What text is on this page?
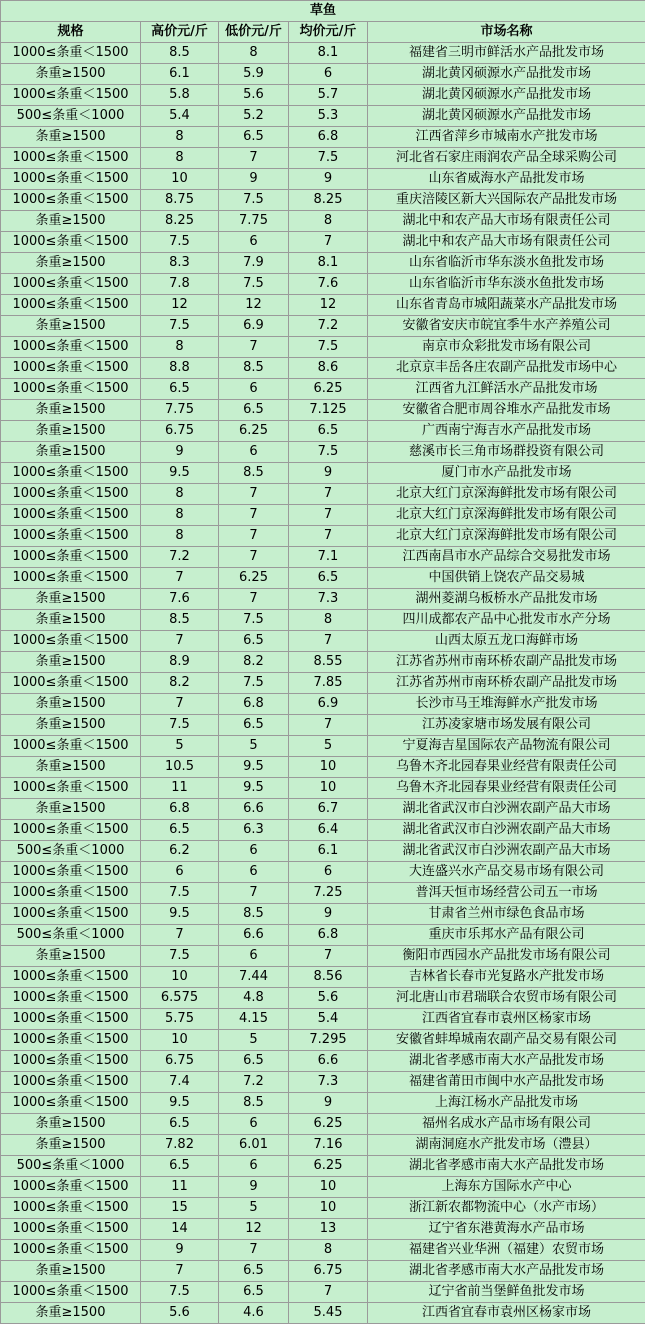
草鱼				
规格	高价元/斤	低价元/斤	均价元/斤	市场名称
1000≤条重＜1500	8.5	8	8.1	福建省三明市鲜活水产品批发市场
条重≥1500	6.1	5.9	6	湖北黄冈硕源水产品批发市场
1000≤条重＜1500	5.8	5.6	5.7	湖北黄冈硕源水产品批发市场
500≤条重＜1000	5.4	5.2	5.3	湖北黄冈硕源水产品批发市场
条重≥1500	8	6.5	6.8	江西省萍乡市城南水产批发市场
1000≤条重＜1500	8	7	7.5	河北省石家庄雨润农产品全球采购公司
1000≤条重＜1500	10	9	9	山东省威海水产品批发市场
1000≤条重＜1500	8.75	7.5	8.25	重庆涪陵区新大兴国际农产品批发市场
条重≥1500	8.25	7.75	8	湖北中和农产品大市场有限责任公司
1000≤条重＜1500	7.5	6	7	湖北中和农产品大市场有限责任公司
条重≥1500	8.3	7.9	8.1	山东省临沂市华东淡水鱼批发市场
1000≤条重＜1500	7.8	7.5	7.6	山东省临沂市华东淡水鱼批发市场
1000≤条重＜1500	12	12	12	山东省青岛市城阳蔬菜水产品批发市场
条重≥1500	7.5	6.9	7.2	安徽省安庆市皖宜季牛水产养殖公司
1000≤条重＜1500	8	7	7.5	南京市众彩批发市场有限公司
1000≤条重＜1500	8.8	8.5	8.6	北京京丰岳各庄农副产品批发市场中心
1000≤条重＜1500	6.5	6	6.25	江西省九江鲜活水产品批发市场
条重≥1500	7.75	6.5	7.125	安徽省合肥市周谷堆水产品批发市场
条重≥1500	6.75	6.25	6.5	广西南宁海吉水产品批发市场
条重≥1500	9	6	7.5	慈溪市长三角市场群投资有限公司
1000≤条重＜1500	9.5	8.5	9	厦门市水产品批发市场
1000≤条重＜1500	8	7	7	北京大红门京深海鲜批发市场有限公司
1000≤条重＜1500	8	7	7	北京大红门京深海鲜批发市场有限公司
1000≤条重＜1500	8	7	7	北京大红门京深海鲜批发市场有限公司
1000≤条重＜1500	7.2	7	7.1	江西南昌市水产品综合交易批发市场
1000≤条重＜1500	7	6.25	6.5	中国供销上饶农产品交易城
条重≥1500	7.6	7	7.3	湖州菱湖乌板桥水产品批发市场
条重≥1500	8.5	7.5	8	四川成都农产品中心批发市水产分场
1000≤条重＜1500	7	6.5	7	山西太原五龙口海鲜市场
条重≥1500	8.9	8.2	8.55	江苏省苏州市南环桥农副产品批发市场
1000≤条重＜1500	8.2	7.5	7.85	江苏省苏州市南环桥农副产品批发市场
条重≥1500	7	6.8	6.9	长沙市马王堆海鲜水产批发市场
条重≥1500	7.5	6.5	7	江苏凌家塘市场发展有限公司
1000≤条重＜1500	5	5	5	宁夏海吉星国际农产品物流有限公司
条重≥1500	10.5	9.5	10	乌鲁木齐北园春果业经营有限责任公司
1000≤条重＜1500	11	9.5	10	乌鲁木齐北园春果业经营有限责任公司
条重≥1500	6.8	6.6	6.7	湖北省武汉市白沙洲农副产品大市场
1000≤条重＜1500	6.5	6.3	6.4	湖北省武汉市白沙洲农副产品大市场
500≤条重＜1000	6.2	6	6.1	湖北省武汉市白沙洲农副产品大市场
1000≤条重＜1500	6	6	6	大连盛兴水产品交易市场有限公司
1000≤条重＜1500	7.5	7	7.25	普洱天恒市场经营公司五一市场
1000≤条重＜1500	9.5	8.5	9	甘肃省兰州市绿色食品市场
500≤条重＜1000	7	6.6	6.8	重庆市乐邦水产品有限公司
条重≥1500	7.5	6	7	衡阳市西园水产品批发市场有限公司
1000≤条重＜1500	10	7.44	8.56	吉林省长春市光复路水产批发市场
1000≤条重＜1500	6.575	4.8	5.6	河北唐山市君瑞联合农贸市场有限公司
1000≤条重＜1500	5.75	4.15	5.4	江西省宜春市袁州区杨家市场
1000≤条重＜1500	10	5	7.295	安徽省蚌埠城南农副产品交易有限公司
1000≤条重＜1500	6.75	6.5	6.6	湖北省孝感市南大水产品批发市场
1000≤条重＜1500	7.4	7.2	7.3	福建省莆田市闽中水产品批发市场
1000≤条重＜1500	9.5	8.5	9	上海江杨水产品批发市场
条重≥1500	6.5	6	6.25	福州名成水产品市场有限公司
条重≥1500	7.82	6.01	7.16	湖南洞庭水产批发市场（澧县）
500≤条重＜1000	6.5	6	6.25	湖北省孝感市南大水产品批发市场
1000≤条重＜1500	11	9	10	上海东方国际水产中心
1000≤条重＜1500	15	5	10	浙江新农都物流中心（水产市场）
1000≤条重＜1500	14	12	13	辽宁省东港黄海水产品市场
1000≤条重＜1500	9	7	8	福建省兴业华洲（福建）农贸市场
条重≥1500	7	6.5	6.75	湖北省孝感市南大水产品批发市场
1000≤条重＜1500	7.5	6.5	7	辽宁省前当堡鲜鱼批发市场
条重≥1500	5.6	4.6	5.45	江西省宜春市袁州区杨家市场
